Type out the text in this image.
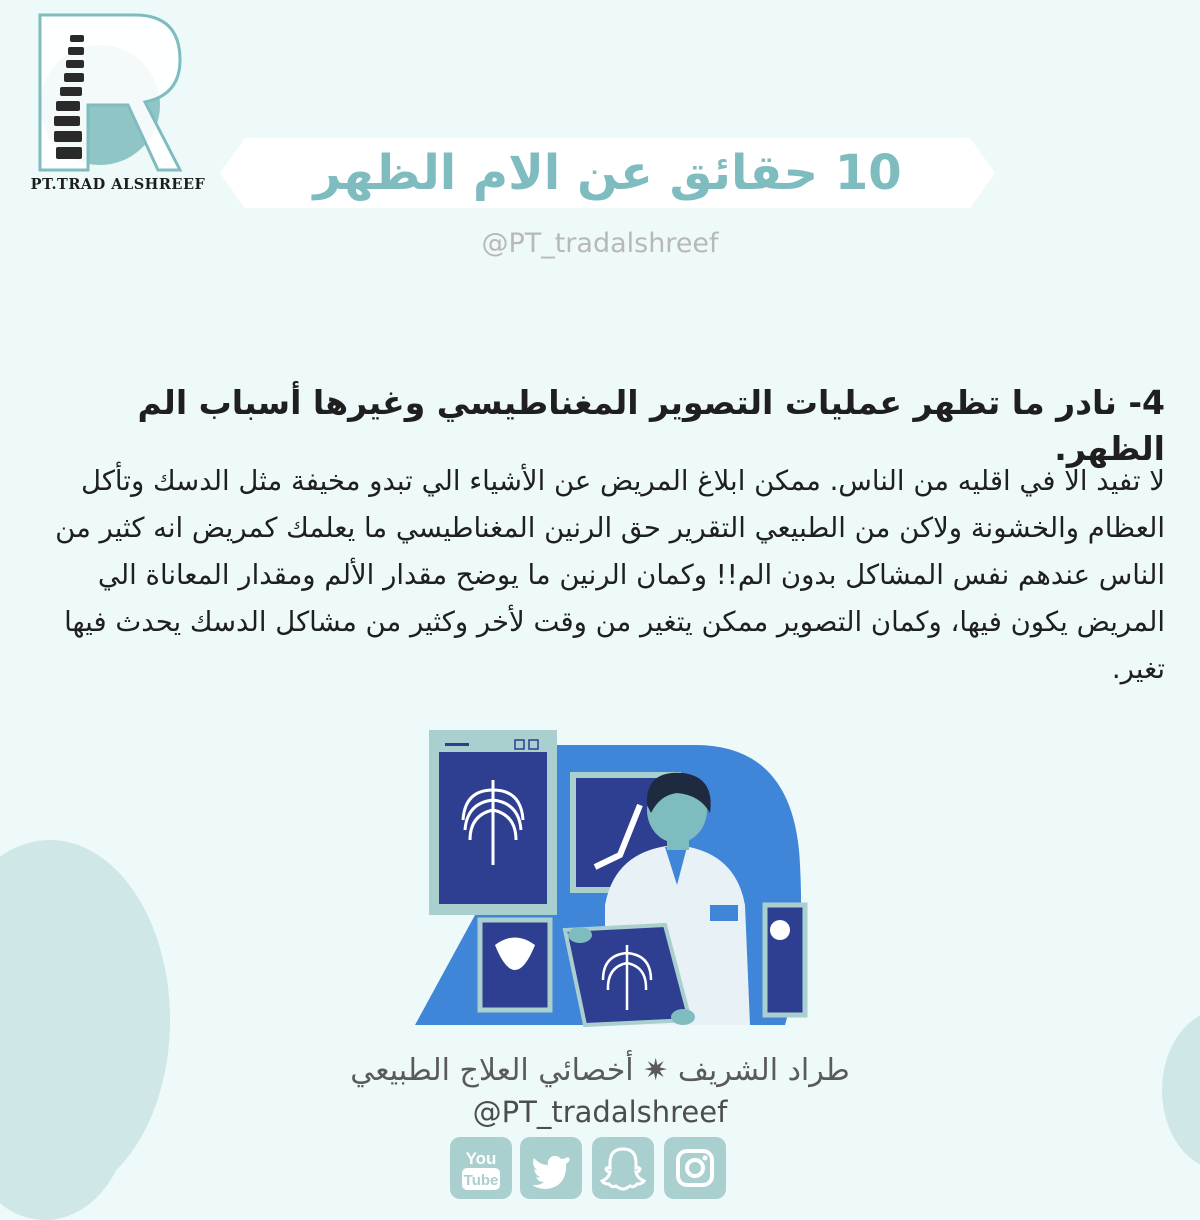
PT.TRAD ALSHREEF	10 حقائق عن الام الظهر
@PT_tradalshreef
4- نادر ما تظهر عمليات التصوير المغناطيسي وغيرها أسباب الم الظهر.
لا تفيد الا في اقليه من الناس. ممكن ابلاغ المريض عن الأشياء الي تبدو مخيفة مثل الدسك وتأكل العظام والخشونة ولاكن من الطبيعي التقرير حق الرنين المغناطيسي ما يعلمك كمريض انه كثير من الناس عندهم نفس المشاكل بدون الم!! وكمان الرنين ما يوضح مقدار الألم ومقدار المعاناة الي المريض يكون فيها، وكمان التصوير ممكن يتغير من وقت لأخر وكثير من مشاكل الدسك يحدث فيها تغير.
طراد الشريف ✷ أخصائي العلاج الطبيعي
@PT_tradalshreef
You
Tube
